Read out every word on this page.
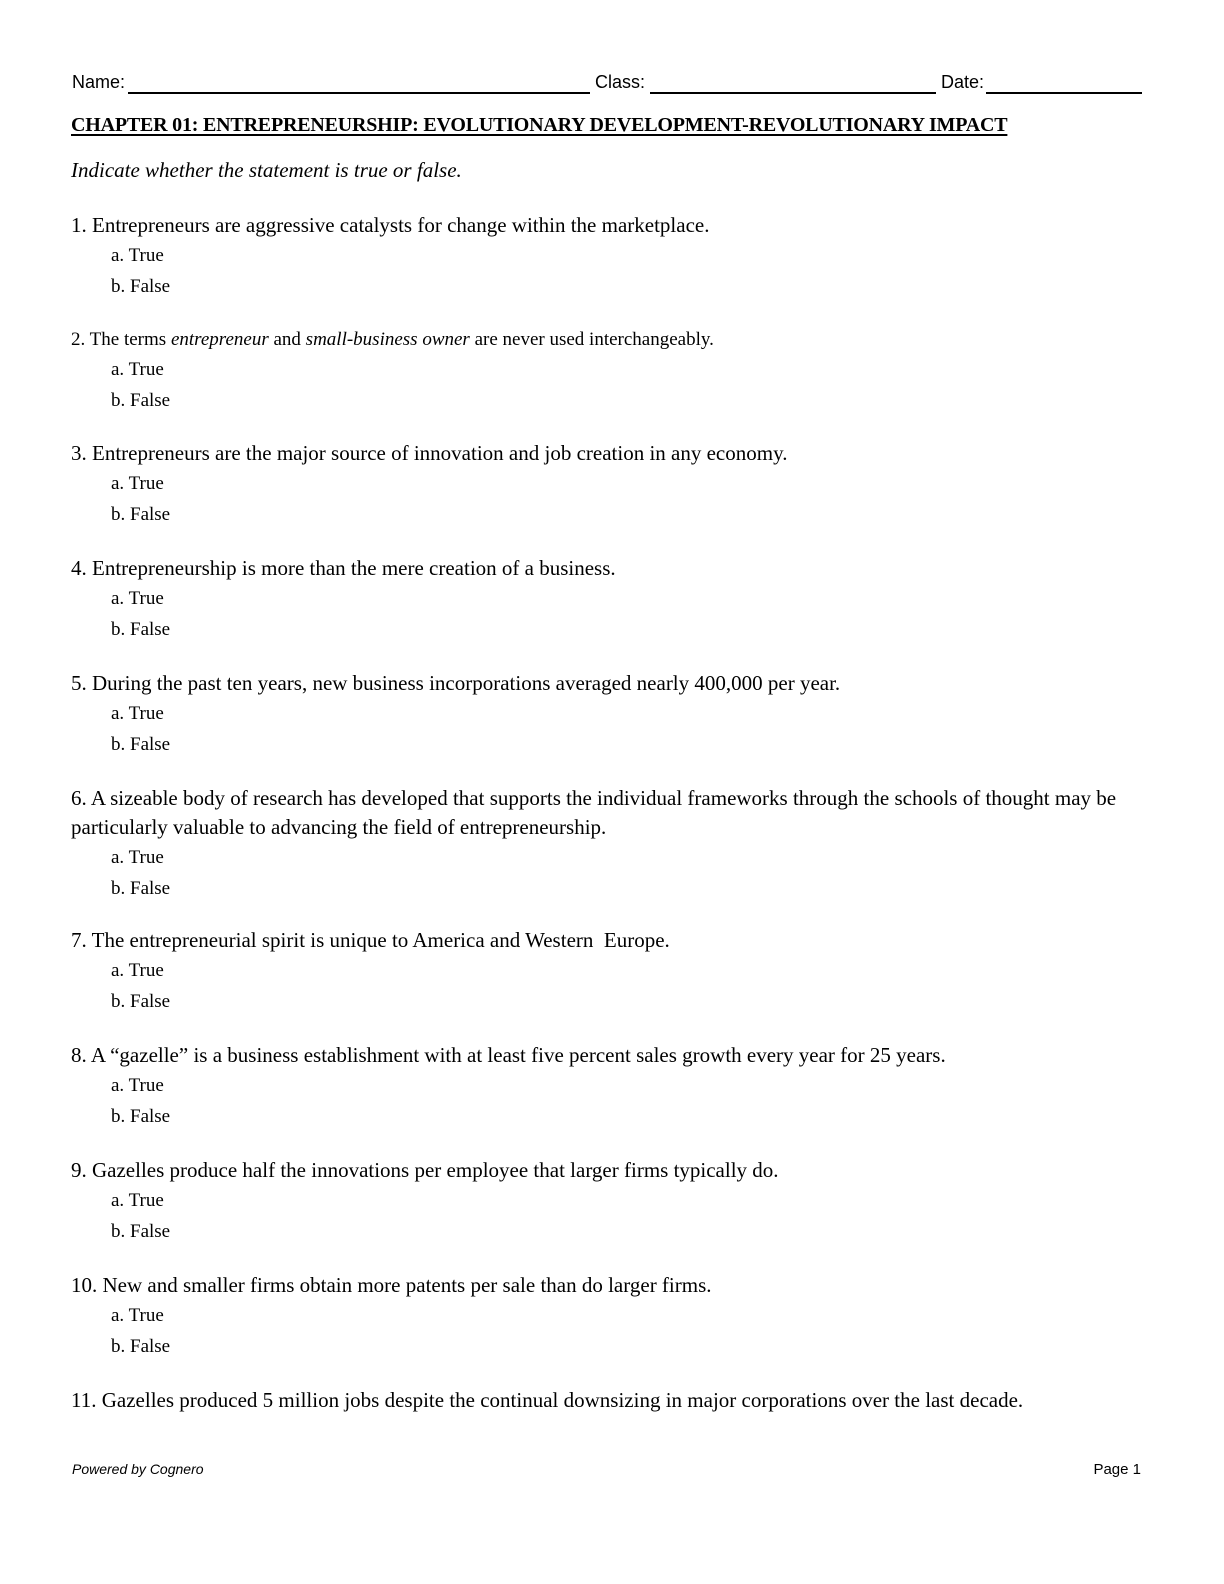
Name:	Class:	Date:
CHAPTER 01: ENTREPRENEURSHIP: EVOLUTIONARY DEVELOPMENT-REVOLUTIONARY IMPACT
Indicate whether the statement is true or false.
1. Entrepreneurs are aggressive catalysts for change within the marketplace.
a. True
b. False
2. The terms entrepreneur and small-business owner are never used interchangeably.
a. True
b. False
3. Entrepreneurs are the major source of innovation and job creation in any economy.
a. True
b. False
4. Entrepreneurship is more than the mere creation of a business.
a. True
b. False
5. During the past ten years, new business incorporations averaged nearly 400,000 per year.
a. True
b. False
6. A sizeable body of research has developed that supports the individual frameworks through the schools of thought may be particularly valuable to advancing the field of entrepreneurship.
a. True
b. False
7. The entrepreneurial spirit is unique to America and Western  Europe.
a. True
b. False
8. A “gazelle” is a business establishment with at least five percent sales growth every year for 25 years.
a. True
b. False
9. Gazelles produce half the innovations per employee that larger firms typically do.
a. True
b. False
10. New and smaller firms obtain more patents per sale than do larger firms.
a. True
b. False
11. Gazelles produced 5 million jobs despite the continual downsizing in major corporations over the last decade.
Powered by Cognero	Page 1
